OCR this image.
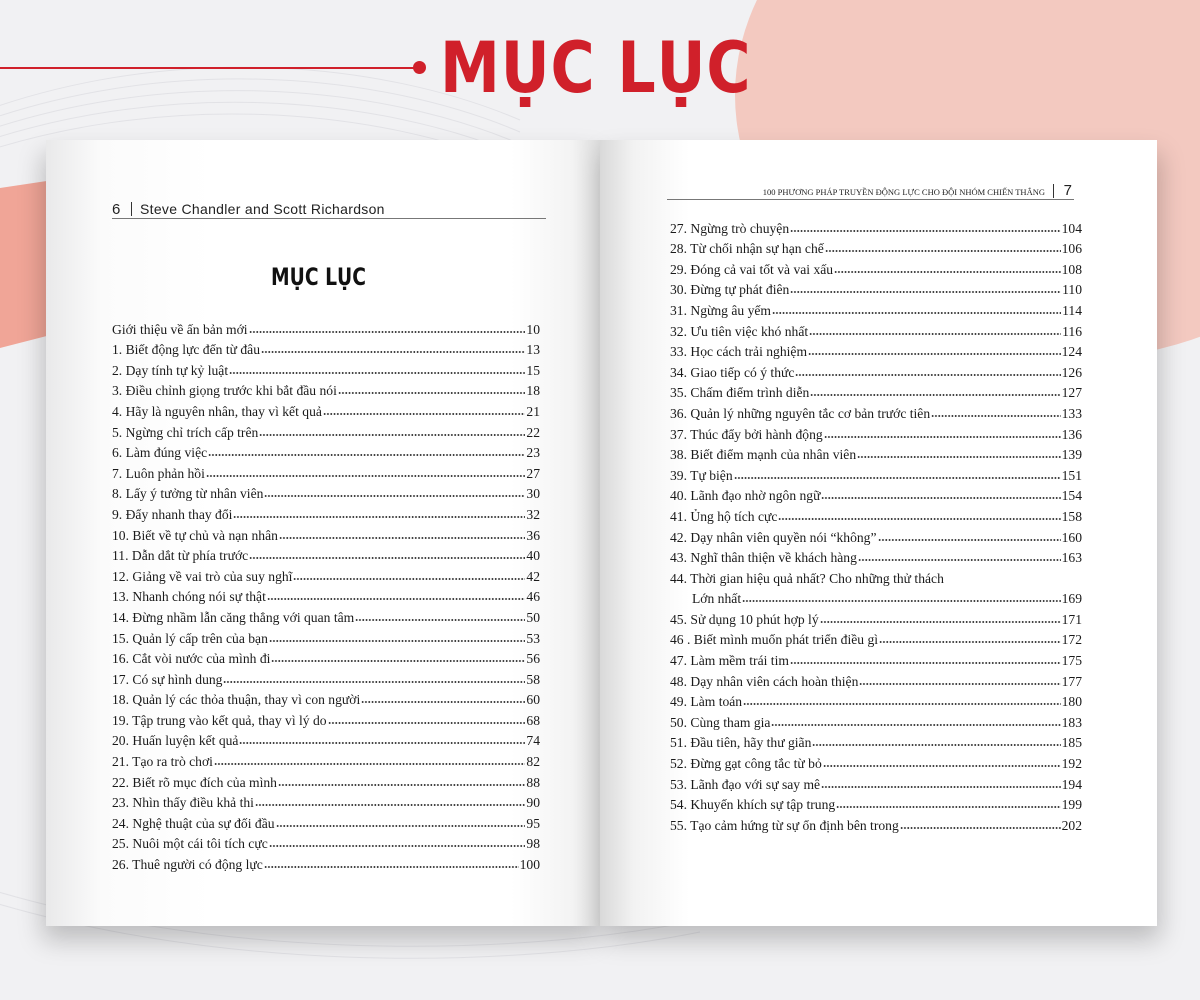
MỤC LỤC
6 Steve Chandler and Scott Richardson
MỤC LỤC
Giới thiệu về ấn bản mới	10
1. Biết động lực đến từ đâu	13
2. Dạy tính tự kỷ luật	15
3. Điều chỉnh giọng trước khi bắt đầu nói	18
4. Hãy là nguyên nhân, thay vì kết quả	21
5. Ngừng chỉ trích cấp trên	22
6. Làm đúng việc	23
7. Luôn phản hồi	27
8. Lấy ý tưởng từ nhân viên	30
9. Đẩy nhanh thay đổi	32
10. Biết về tự chủ và nạn nhân	36
11. Dẫn dắt từ phía trước	40
12. Giảng về vai trò của suy nghĩ	42
13. Nhanh chóng nói sự thật	46
14. Đừng nhầm lẫn căng thẳng với quan tâm	50
15. Quản lý cấp trên của bạn	53
16. Cắt vòi nước của mình đi	56
17. Có sự hình dung	58
18. Quản lý các thỏa thuận, thay vì con người	60
19. Tập trung vào kết quả, thay vì lý do	68
20. Huấn luyện kết quả	74
21. Tạo ra trò chơi	82
22. Biết rõ mục đích của mình	88
23. Nhìn thấy điều khả thi	90
24. Nghệ thuật của sự đối đầu	95
25. Nuôi một cái tôi tích cực	98
26. Thuê người có động lực	100
100 PHƯƠNG PHÁP TRUYỀN ĐỘNG LỰC CHO ĐỘI NHÓM CHIẾN THẮNG 7
27. Ngừng trò chuyện	104
28. Từ chối nhận sự hạn chế	106
29. Đóng cả vai tốt và vai xấu	108
30. Đừng tự phát điên	110
31. Ngừng âu yếm	114
32. Ưu tiên việc khó nhất	116
33. Học cách trải nghiệm	124
34. Giao tiếp có ý thức	126
35. Chấm điểm trình diễn	127
36. Quản lý những nguyên tắc cơ bản trước tiên	133
37. Thúc đẩy bởi hành động	136
38. Biết điểm mạnh của nhân viên	139
39. Tự biện	151
40. Lãnh đạo nhờ ngôn ngữ	154
41. Ủng hộ tích cực	158
42. Dạy nhân viên quyền nói “không”	160
43. Nghĩ thân thiện về khách hàng	163
44. Thời gian hiệu quả nhất? Cho những thử thách
Lớn nhất	169
45. Sử dụng 10 phút hợp lý	171
46 . Biết mình muốn phát triển điều gì	172
47. Làm mềm trái tim	175
48. Dạy nhân viên cách hoàn thiện	177
49. Làm toán	180
50. Cùng tham gia	183
51. Đầu tiên, hãy thư giãn	185
52. Đừng gạt công tắc từ bỏ	192
53. Lãnh đạo với sự say mê	194
54. Khuyến khích sự tập trung	199
55. Tạo cảm hứng từ sự ổn định bên trong	202
